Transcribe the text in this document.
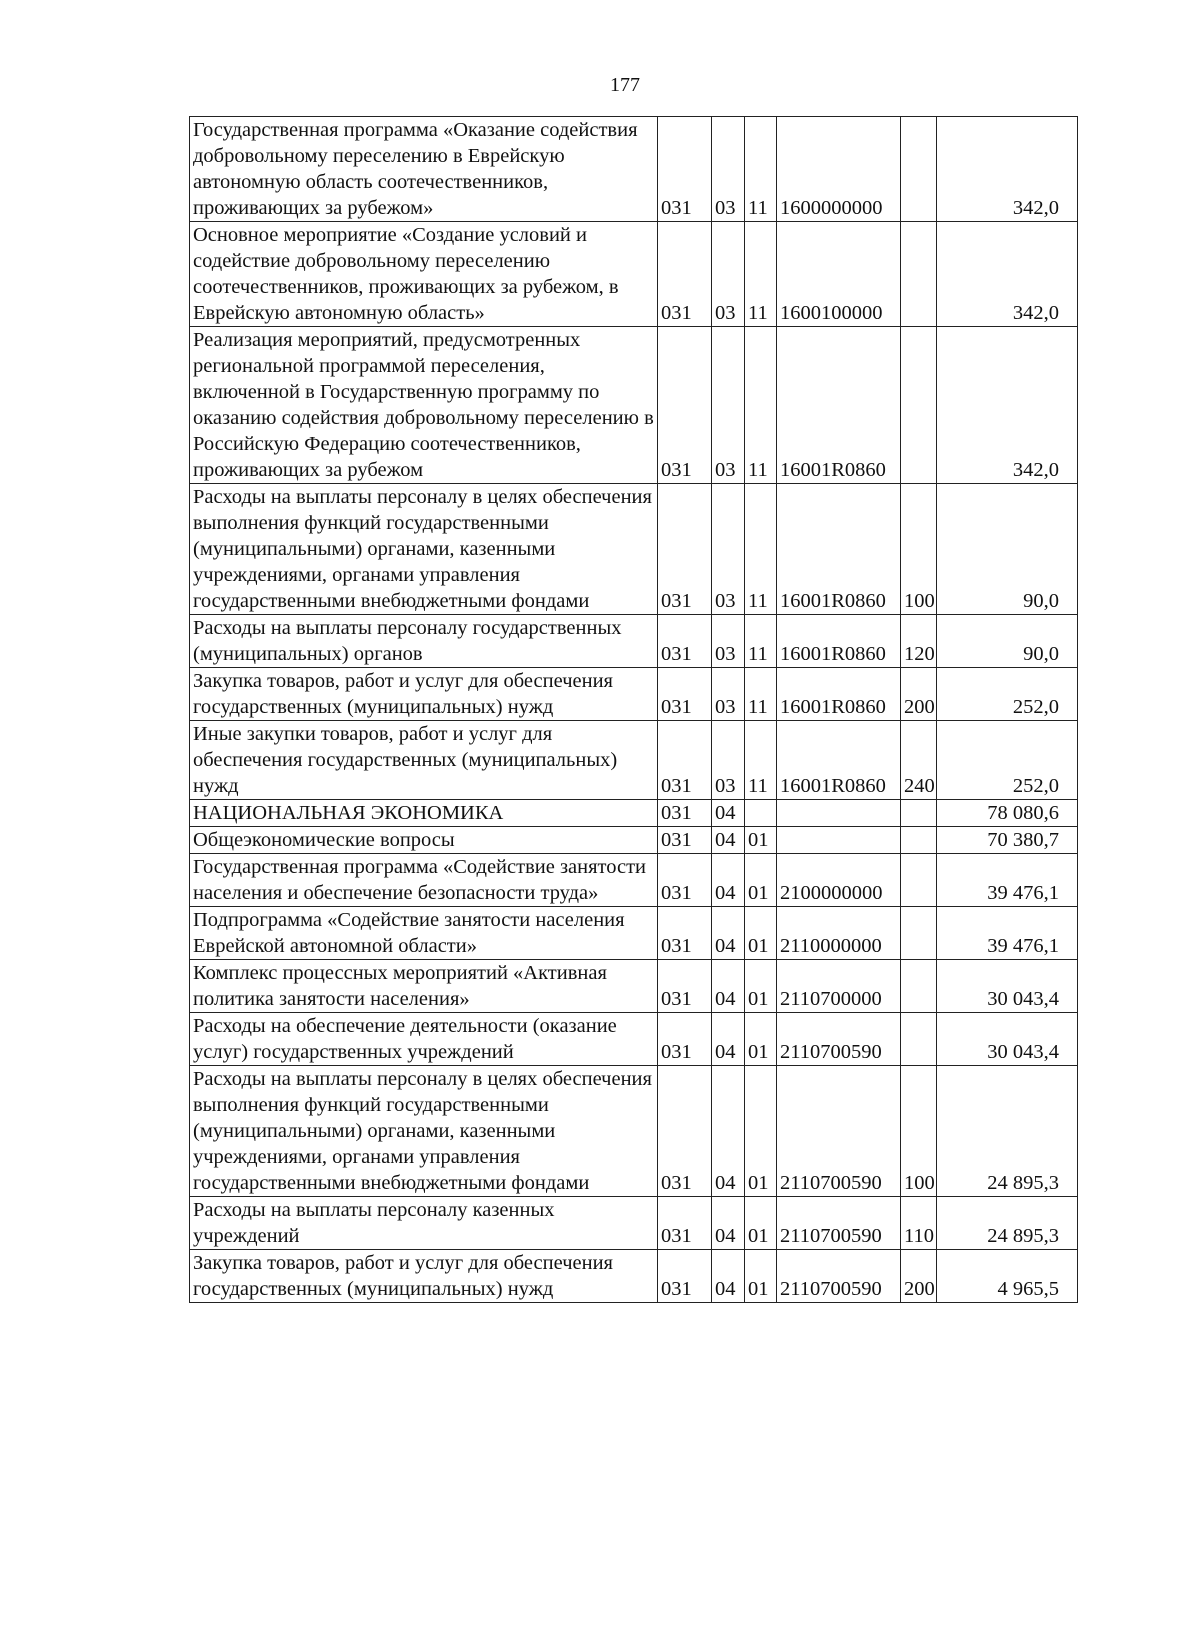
177
Государственная программа «Оказание содействия добровольному переселению в Еврейскую автономную область соотечественников, проживающих за рубежом»	031	03	11	1600000000		342,0
Основное мероприятие «Создание условий и содействие добровольному переселению соотечественников, проживающих за рубежом, в Еврейскую автономную область»	031	03	11	1600100000		342,0
Реализация мероприятий, предусмотренных региональной программой переселения, включенной в Государственную программу по оказанию содействия добровольному переселению в Российскую Федерацию соотечественников, проживающих за рубежом	031	03	11	16001R0860		342,0
Расходы на выплаты персоналу в целях обеспечения выполнения функций государственными (муниципальными) органами, казенными учреждениями, органами управления государственными внебюджетными фондами	031	03	11	16001R0860	100	90,0
Расходы на выплаты персоналу государственных (муниципальных) органов	031	03	11	16001R0860	120	90,0
Закупка товаров, работ и услуг для обеспечения государственных (муниципальных) нужд	031	03	11	16001R0860	200	252,0
Иные закупки товаров, работ и услуг для обеспечения государственных (муниципальных) нужд	031	03	11	16001R0860	240	252,0
НАЦИОНАЛЬНАЯ ЭКОНОМИКА	031	04				78 080,6
Общеэкономические вопросы	031	04	01			70 380,7
Государственная программа «Содействие занятости населения и обеспечение безопасности труда»	031	04	01	2100000000		39 476,1
Подпрограмма «Содействие занятости населения Еврейской автономной области»	031	04	01	2110000000		39 476,1
Комплекс процессных мероприятий «Активная политика занятости населения»	031	04	01	2110700000		30 043,4
Расходы на обеспечение деятельности (оказание услуг) государственных учреждений	031	04	01	2110700590		30 043,4
Расходы на выплаты персоналу в целях обеспечения выполнения функций государственными (муниципальными) органами, казенными учреждениями, органами управления государственными внебюджетными фондами	031	04	01	2110700590	100	24 895,3
Расходы на выплаты персоналу казенных учреждений	031	04	01	2110700590	110	24 895,3
Закупка товаров, работ и услуг для обеспечения государственных (муниципальных) нужд	031	04	01	2110700590	200	4 965,5
